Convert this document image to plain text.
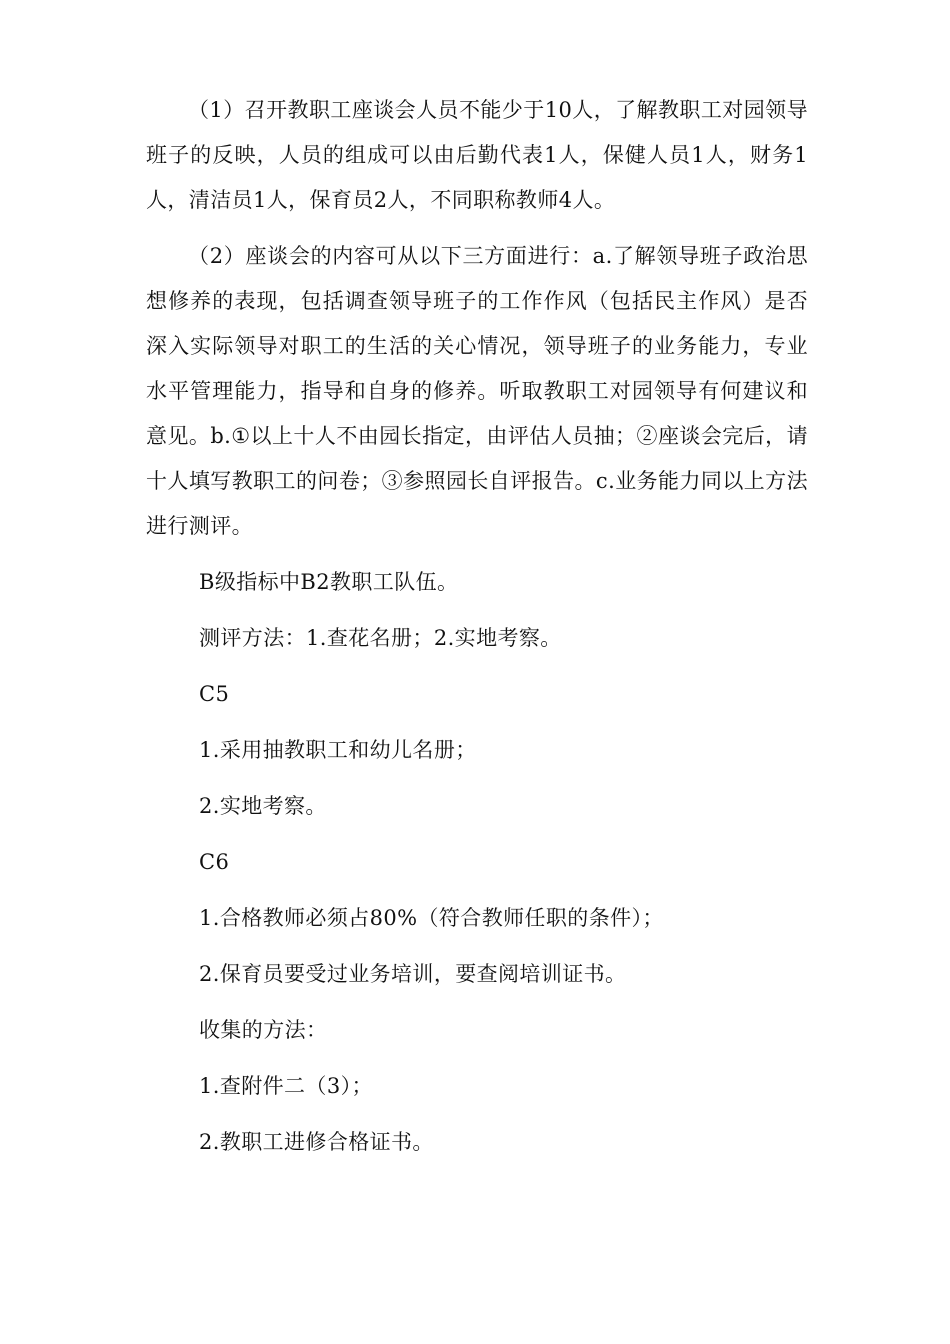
（1）召开教职工座谈会人员不能少于10人，了解教职工对园领导班子的反映，人员的组成可以由后勤代表1人，保健人员1人，财务1人，清洁员1人，保育员2人，不同职称教师4人。

（2）座谈会的内容可从以下三方面进行：a.了解领导班子政治思想修养的表现，包括调查领导班子的工作作风（包括民主作风）是否深入实际领导对职工的生活的关心情况，领导班子的业务能力，专业水平管理能力，指导和自身的修养。听取教职工对园领导有何建议和意见。b.①以上十人不由园长指定，由评估人员抽；②座谈会完后，请十人填写教职工的问卷；③参照园长自评报告。c.业务能力同以上方法进行测评。

B级指标中B2教职工队伍。

测评方法：1.查花名册；2.实地考察。

C5

1.采用抽教职工和幼儿名册；

2.实地考察。

C6

1.合格教师必须占80%（符合教师任职的条件）；

2.保育员要受过业务培训，要查阅培训证书。

收集的方法：

1.查附件二（3）；

2.教职工进修合格证书。
